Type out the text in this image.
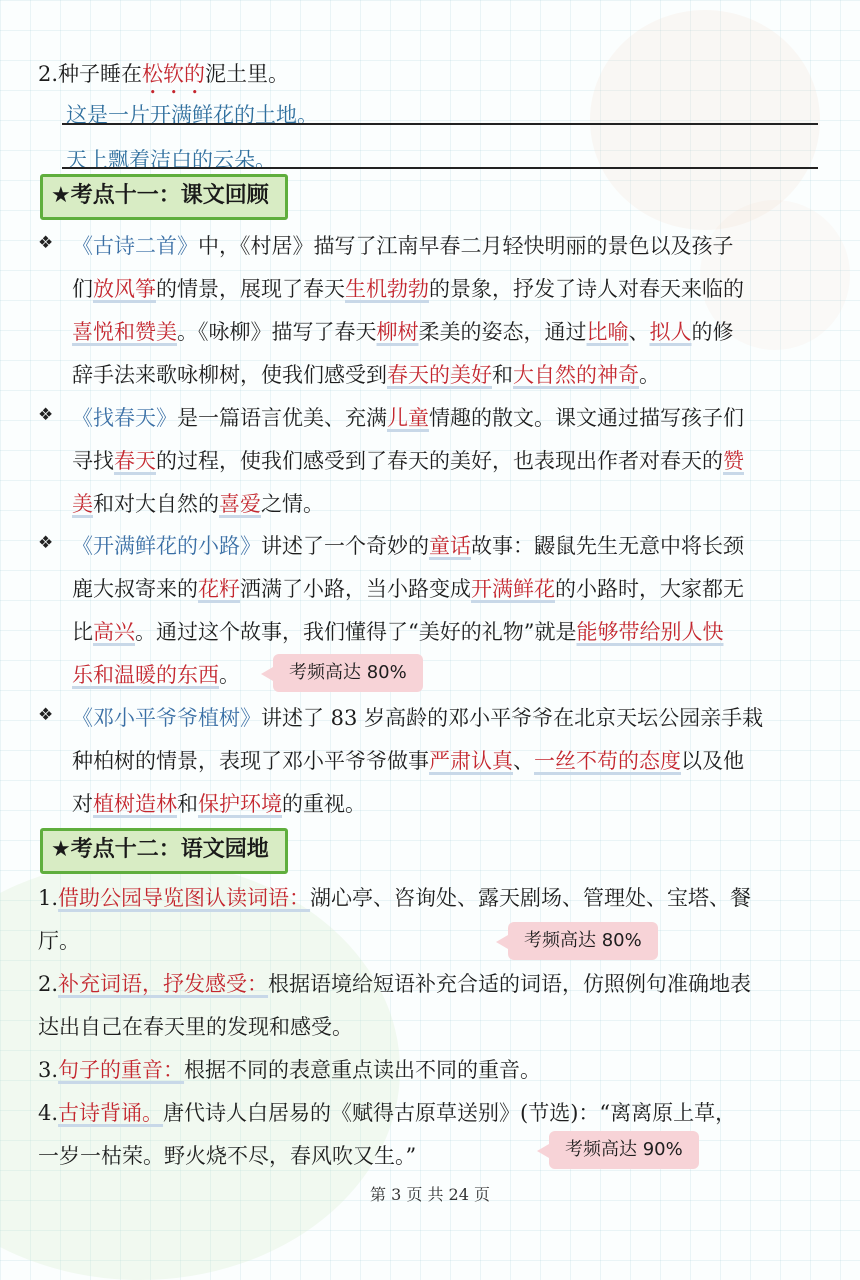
2.种子睡在松软的泥土里。
这是一片开满鲜花的土地。
天上飘着洁白的云朵。
★考点十一：课文回顾
❖ 《古诗二首》中，《村居》描写了江南早春二月轻快明丽的景色以及孩子
们放风筝的情景，展现了春天生机勃勃的景象，抒发了诗人对春天来临的
喜悦和赞美。《咏柳》描写了春天柳树柔美的姿态，通过比喻、拟人的修
辞手法来歌咏柳树，使我们感受到春天的美好和大自然的神奇。
❖ 《找春天》是一篇语言优美、充满儿童情趣的散文。课文通过描写孩子们
寻找春天的过程，使我们感受到了春天的美好，也表现出作者对春天的赞
美和对大自然的喜爱之情。
❖ 《开满鲜花的小路》讲述了一个奇妙的童话故事：鼹鼠先生无意中将长颈
鹿大叔寄来的花籽洒满了小路，当小路变成开满鲜花的小路时，大家都无
比高兴。通过这个故事，我们懂得了“美好的礼物”就是能够带给别人快
乐和温暖的东西。	考频高达 80%
❖ 《邓小平爷爷植树》讲述了 83 岁高龄的邓小平爷爷在北京天坛公园亲手栽
种柏树的情景，表现了邓小平爷爷做事严肃认真、一丝不苟的态度以及他
对植树造林和保护环境的重视。
★考点十二：语文园地
1.借助公园导览图认读词语：湖心亭、咨询处、露天剧场、管理处、宝塔、餐
厅。
2.补充词语，抒发感受：根据语境给短语补充合适的词语，仿照例句准确地表
达出自己在春天里的发现和感受。
3.句子的重音：根据不同的表意重点读出不同的重音。
4.古诗背诵。唐代诗人白居易的《赋得古原草送别》(节选)：“离离原上草，
一岁一枯荣。野火烧不尽，春风吹又生。”
考频高达 80%
考频高达 90%
第 3 页 共 24 页
